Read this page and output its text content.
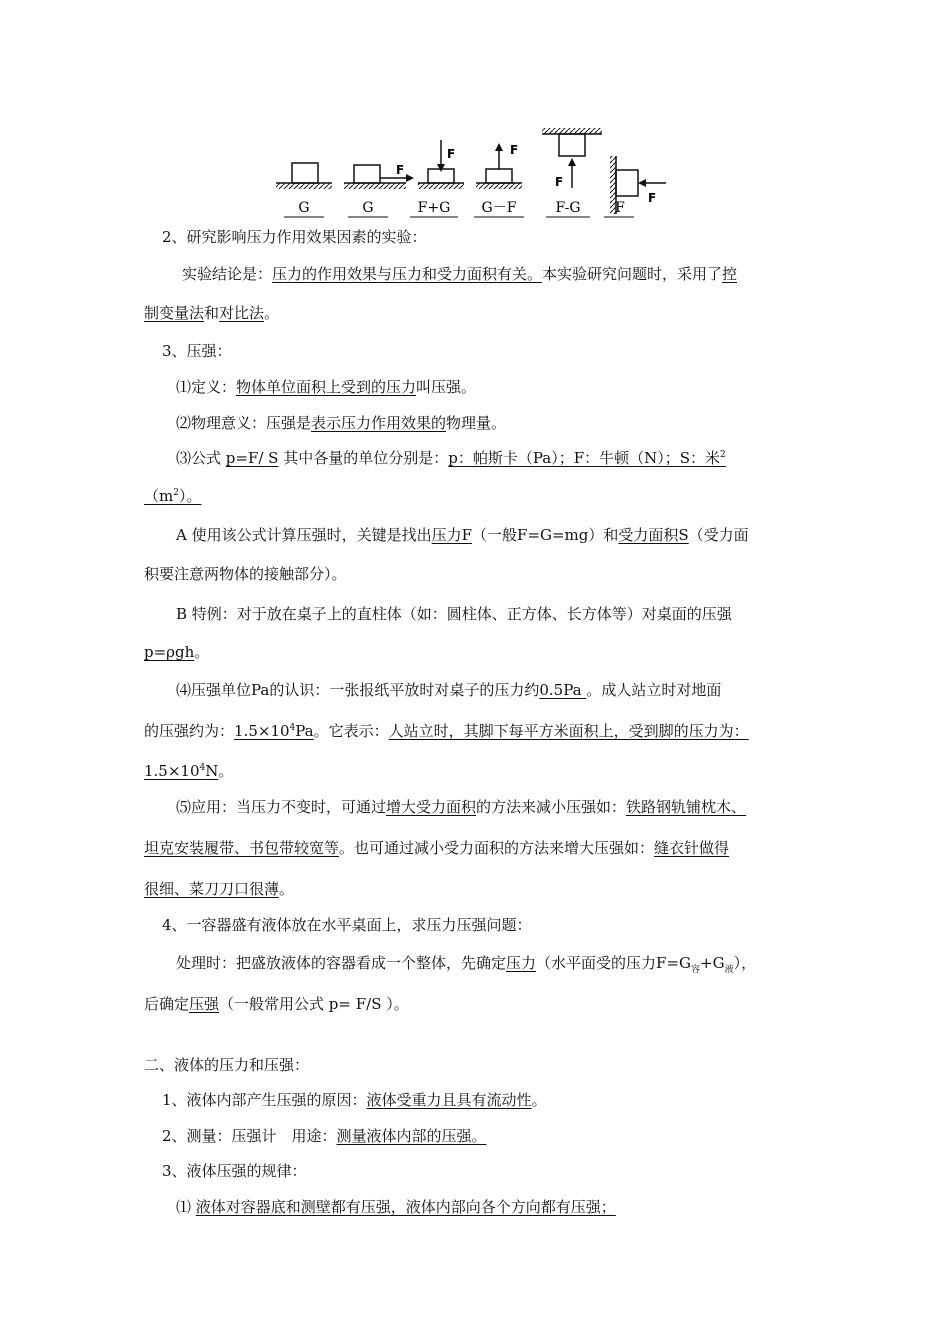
F
F	F
F
F
G	G	F+G G－F	F-G F
2、研究影响压力作用效果因素的实验：
实验结论是：压力的作用效果与压力和受力面积有关。本实验研究问题时，采用了控
制变量法和对比法。
3、压强：
⑴定义：物体单位面积上受到的压力叫压强。
⑵物理意义：压强是表示压力作用效果的物理量。
⑶公式 p=F/ S 其中各量的单位分别是：p：帕斯卡（Pa）；F：牛顿（N）；S：米$^2$
$(m^2)$。
A 使用该公式计算压强时，关键是找出压力F（一般F=G=mg）和受力面积S（受力面
积要注意两物体的接触部分）。
B 特例：对于放在桌子上的直柱体（如：圆柱体、正方体、长方体等）对桌面的压强
p=ρgh。
⑷压强单位Pa的认识：一张报纸平放时对桌子的压力约0.5Pa 。成人站立时对地面
的压强约为：$1.5\times 10^4Pa$。它表示：人站立时，其脚下每平方米面积上，受到脚的压力为：
$1.5\times 10^4N$。
⑸应用：当压力不变时，可通过增大受力面积的方法来减小压强如：铁路钢轨铺枕木、
坦克安装履带、书包带较宽等。也可通过减小受力面积的方法来增大压强如：缝衣针做得
很细、菜刀刀口很薄。
4、一容器盛有液体放在水平桌面上，求压力压强问题：
处理时：把盛放液体的容器看成一个整体，先确定压力（水平面受的压力$F=G_容+G_液$），
后确定压强（一般常用公式 p= F/S ）。
二、液体的压力和压强：
1、液体内部产生压强的原因：液体受重力且具有流动性。
2、测量：压强计　用途：测量液体内部的压强。
3、液体压强的规律：
⑴ 液体对容器底和测壁都有压强，液体内部向各个方向都有压强；
